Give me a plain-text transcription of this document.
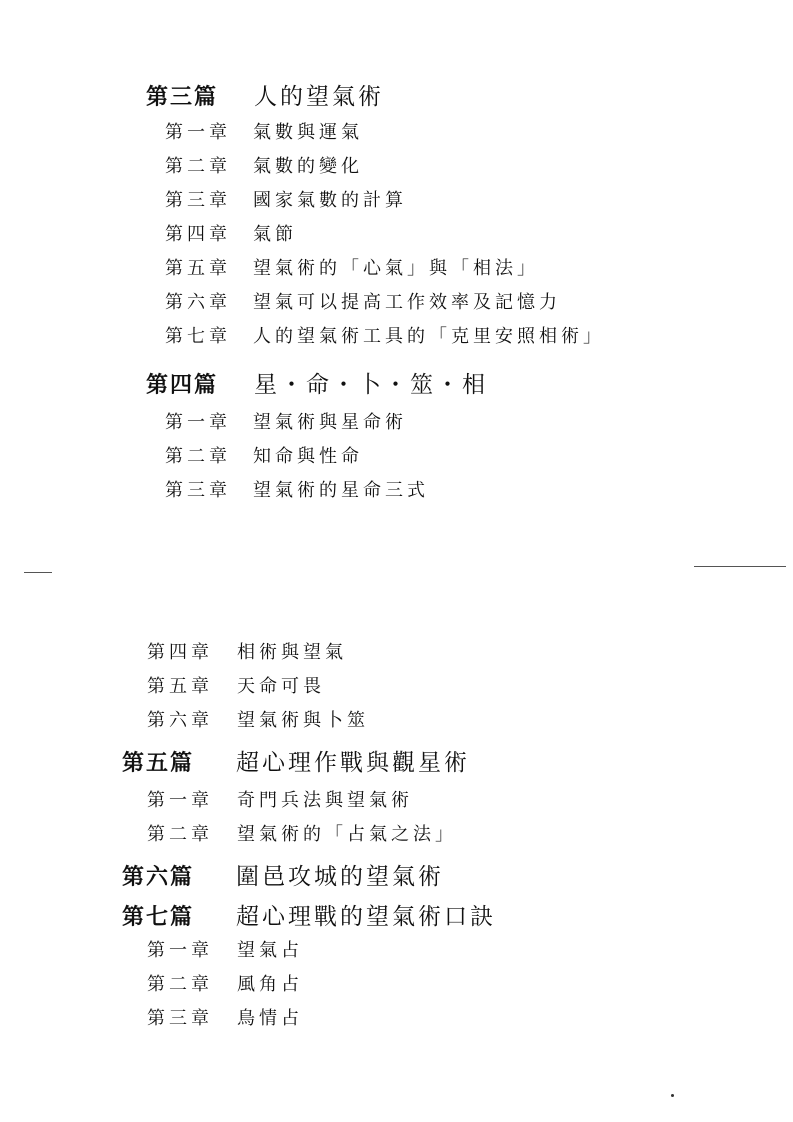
第三篇 人的望氣術
第一章 氣數與運氣
第二章 氣數的變化
第三章 國家氣數的計算
第四章 氣節
第五章 望氣術的「心氣」與「相法」
第六章 望氣可以提高工作效率及記憶力
第七章 人的望氣術工具的「克里安照相術」
第四篇 星・命・卜・筮・相
第一章 望氣術與星命術
第二章 知命與性命
第三章 望氣術的星命三式
第四章 相術與望氣
第五章 天命可畏
第六章 望氣術與卜筮
第五篇 超心理作戰與觀星術
第一章 奇門兵法與望氣術
第二章 望氣術的「占氣之法」
第六篇 圍邑攻城的望氣術
第七篇 超心理戰的望氣術口訣
第一章 望氣占
第二章 風角占
第三章 鳥情占
